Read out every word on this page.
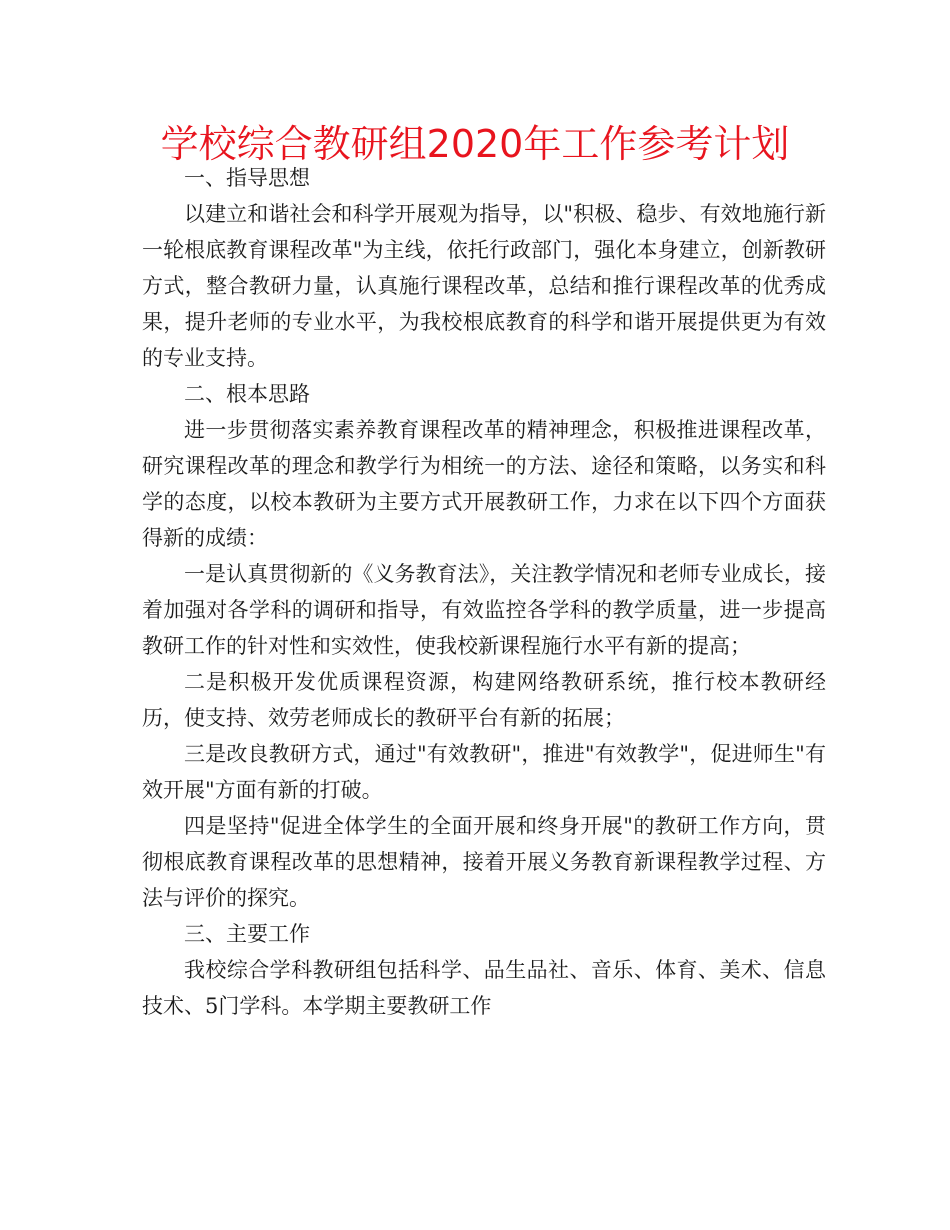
学校综合教研组2020年工作参考计划

一、指导思想

以建立和谐社会和科学开展观为指导，以"积极、稳步、有效地施行新一轮根底教育课程改革"为主线，依托行政部门，强化本身建立，创新教研方式，整合教研力量，认真施行课程改革，总结和推行课程改革的优秀成果，提升老师的专业水平，为我校根底教育的科学和谐开展提供更为有效的专业支持。

二、根本思路

进一步贯彻落实素养教育课程改革的精神理念，积极推进课程改革，研究课程改革的理念和教学行为相统一的方法、途径和策略，以务实和科学的态度，以校本教研为主要方式开展教研工作，力求在以下四个方面获得新的成绩：

一是认真贯彻新的《义务教育法》，关注教学情况和老师专业成长，接着加强对各学科的调研和指导，有效监控各学科的教学质量，进一步提高教研工作的针对性和实效性，使我校新课程施行水平有新的提高；

二是积极开发优质课程资源，构建网络教研系统，推行校本教研经历，使支持、效劳老师成长的教研平台有新的拓展；

三是改良教研方式，通过"有效教研"，推进"有效教学"，促进师生"有效开展"方面有新的打破。

四是坚持"促进全体学生的全面开展和终身开展"的教研工作方向，贯彻根底教育课程改革的思想精神，接着开展义务教育新课程教学过程、方法与评价的探究。

三、主要工作

我校综合学科教研组包括科学、品生品社、音乐、体育、美术、信息技术、5门学科。本学期主要教研工作
